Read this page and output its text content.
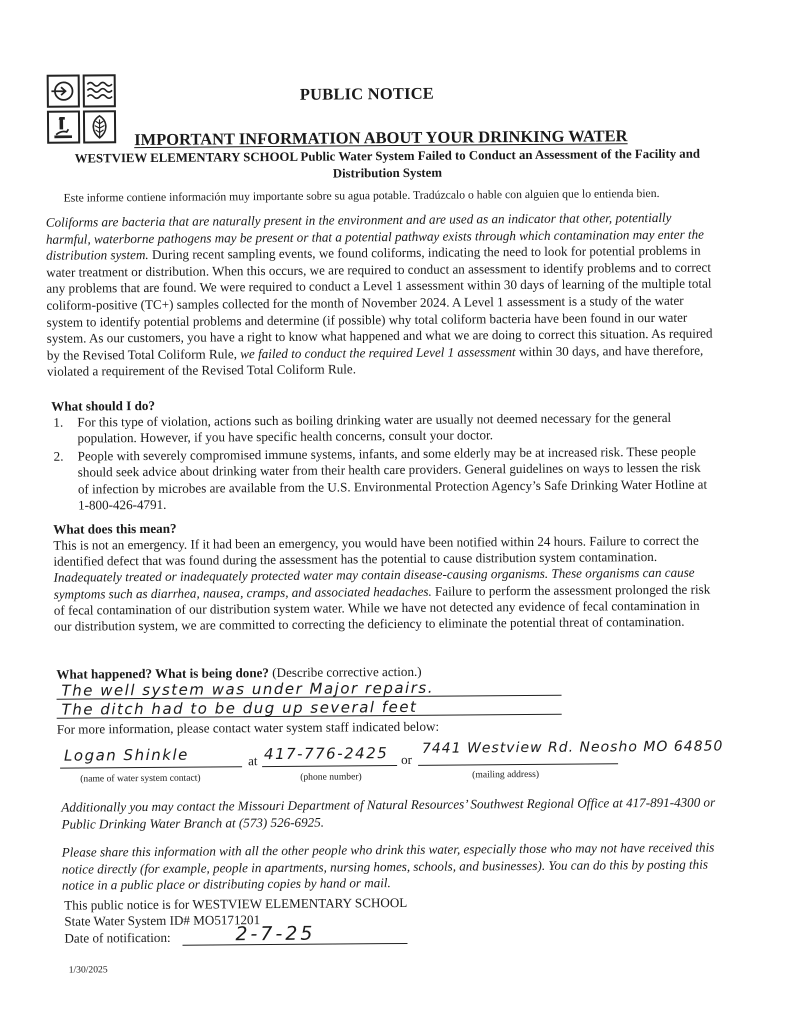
PUBLIC NOTICE
IMPORTANT INFORMATION ABOUT YOUR DRINKING WATER
WESTVIEW ELEMENTARY SCHOOL Public Water System Failed to Conduct an Assessment of the Facility and Distribution System
Este informe contiene información muy importante sobre su agua potable. Tradúzcalo o hable con alguien que lo entienda bien.

Coliforms are bacteria that are naturally present in the environment and are used as an indicator that other, potentially harmful, waterborne pathogens may be present or that a potential pathway exists through which contamination may enter the distribution system. During recent sampling events, we found coliforms, indicating the need to look for potential problems in water treatment or distribution. When this occurs, we are required to conduct an assessment to identify problems and to correct any problems that are found. We were required to conduct a Level 1 assessment within 30 days of learning of the multiple total coliform-positive (TC+) samples collected for the month of November 2024. A Level 1 assessment is a study of the water system to identify potential problems and determine (if possible) why total coliform bacteria have been found in our water system. As our customers, you have a right to know what happened and what we are doing to correct this situation. As required by the Revised Total Coliform Rule, we failed to conduct the required Level 1 assessment within 30 days, and have therefore, violated a requirement of the Revised Total Coliform Rule.

What should I do?
1. For this type of violation, actions such as boiling drinking water are usually not deemed necessary for the general population. However, if you have specific health concerns, consult your doctor.
2. People with severely compromised immune systems, infants, and some elderly may be at increased risk. These people should seek advice about drinking water from their health care providers. General guidelines on ways to lessen the risk of infection by microbes are available from the U.S. Environmental Protection Agency’s Safe Drinking Water Hotline at 1-800-426-4791.
What does this mean?

This is not an emergency. If it had been an emergency, you would have been notified within 24 hours. Failure to correct the identified defect that was found during the assessment has the potential to cause distribution system contamination. Inadequately treated or inadequately protected water may contain disease-causing organisms. These organisms can cause symptoms such as diarrhea, nausea, cramps, and associated headaches. Failure to perform the assessment prolonged the risk of fecal contamination of our distribution system water. While we have not detected any evidence of fecal contamination in our distribution system, we are committed to correcting the deficiency to eliminate the potential threat of contamination.

What happened? What is being done? (Describe corrective action.)
The well system was under Major repairs.
The ditch had to be dug up several feet
For more information, please contact water system staff indicated below:
Logan Shinkle	at 417-776-2425 or
7441 Westview Rd. Neosho MO 64850
(name of water system contact)	(phone number)	(mailing address)
Additionally you may contact the Missouri Department of Natural Resources’ Southwest Regional Office at 417-891-4300 or Public Drinking Water Branch at (573) 526-6925.
Please share this information with all the other people who drink this water, especially those who may not have received this notice directly (for example, people in apartments, nursing homes, schools, and businesses). You can do this by posting this notice in a public place or distributing copies by hand or mail.
This public notice is for WESTVIEW ELEMENTARY SCHOOL
State Water System ID# MO5171201
Date of notification:	2-7-25
1/30/2025
